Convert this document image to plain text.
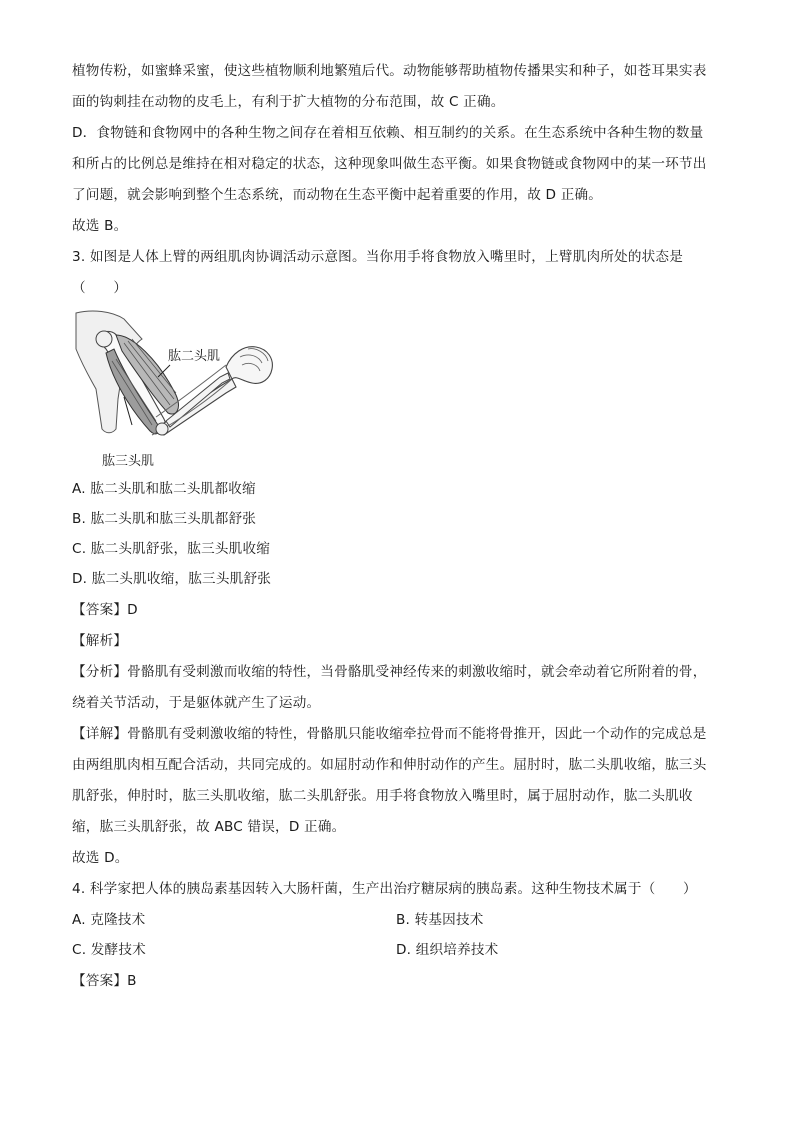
植物传粉，如蜜蜂采蜜，使这些植物顺利地繁殖后代。动物能够帮助植物传播果实和种子，如苍耳果实表

面的钩刺挂在动物的皮毛上，有利于扩大植物的分布范围，故 C 正确。

D．食物链和食物网中的各种生物之间存在着相互依赖、相互制约的关系。在生态系统中各种生物的数量

和所占的比例总是维持在相对稳定的状态，这种现象叫做生态平衡。如果食物链或食物网中的某一环节出

了问题，就会影响到整个生态系统，而动物在生态平衡中起着重要的作用，故 D 正确。

故选 B。

3. 如图是人体上臂的两组肌肉协调活动示意图。当你用手将食物放入嘴里时，上臂肌肉所处的状态是

（　　）

肱二头肌
肱三头肌

A. 肱二头肌和肱二头肌都收缩

B. 肱二头肌和肱三头肌都舒张

C. 肱二头肌舒张，肱三头肌收缩

D. 肱二头肌收缩，肱三头肌舒张

【答案】D

【解析】

【分析】骨骼肌有受刺激而收缩的特性，当骨骼肌受神经传来的刺激收缩时，就会牵动着它所附着的骨，

绕着关节活动，于是躯体就产生了运动。

【详解】骨骼肌有受刺激收缩的特性，骨骼肌只能收缩牵拉骨而不能将骨推开，因此一个动作的完成总是

由两组肌肉相互配合活动，共同完成的。如屈肘动作和伸肘动作的产生。屈肘时，肱二头肌收缩，肱三头

肌舒张，伸肘时，肱三头肌收缩，肱二头肌舒张。用手将食物放入嘴里时，属于屈肘动作，肱二头肌收

缩，肱三头肌舒张，故 ABC 错误，D 正确。

故选 D。

4. 科学家把人体的胰岛素基因转入大肠杆菌，生产出治疗糖尿病的胰岛素。这种生物技术属于（　　）

A. 克隆技术	B. 转基因技术
C. 发酵技术	D. 组织培养技术

【答案】B
